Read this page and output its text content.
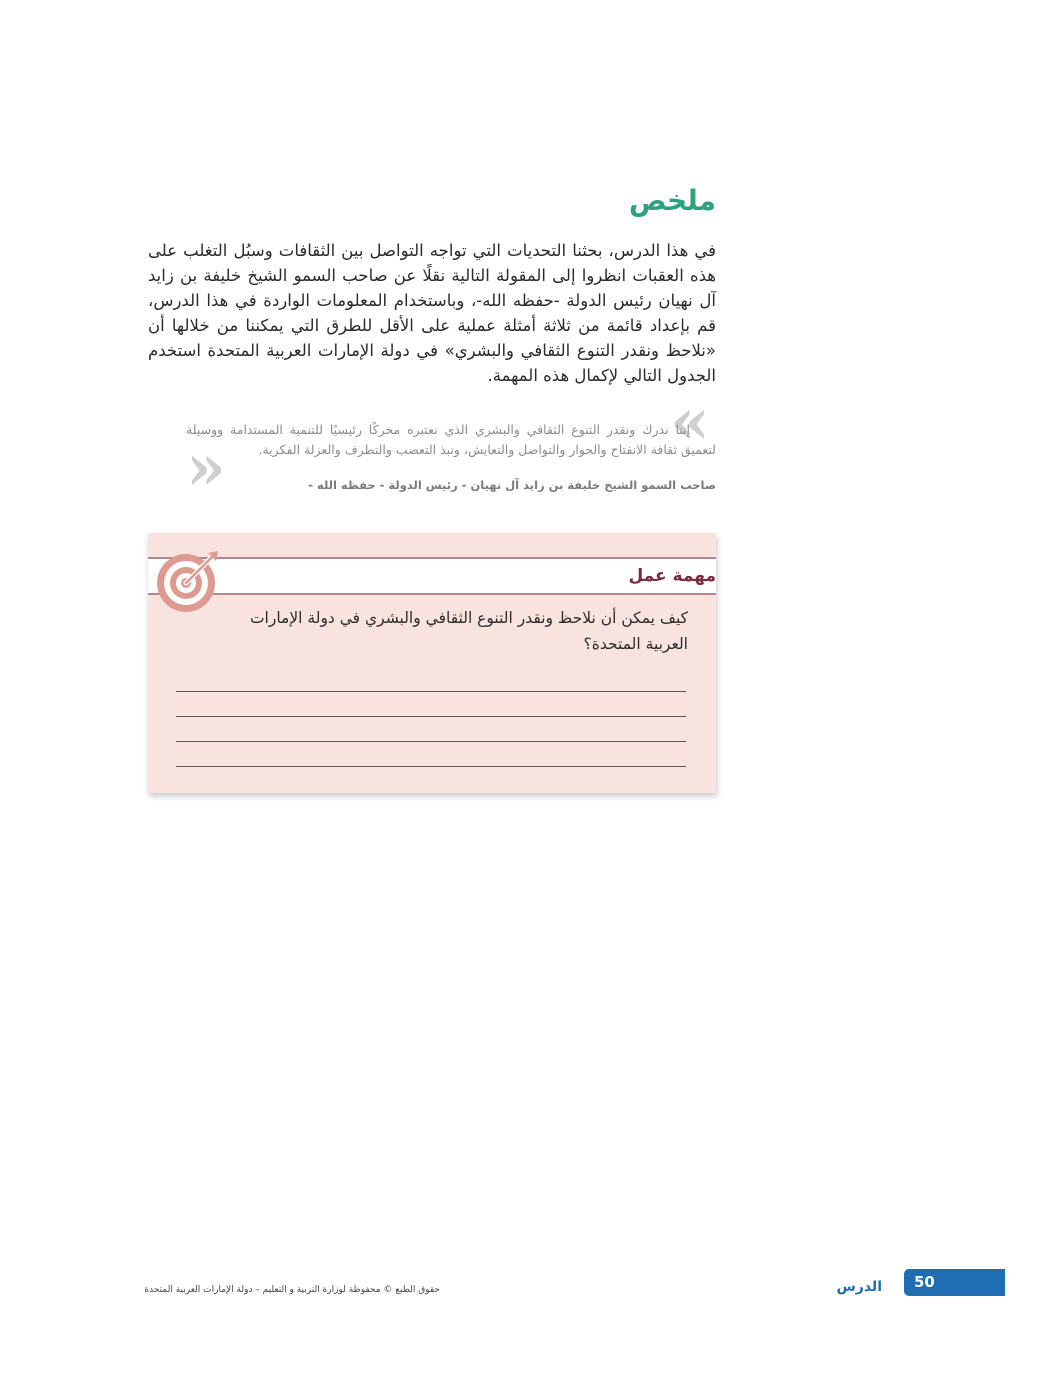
ملخص

في هذا الدرس، بحثنا التحديات التي تواجه التواصل بين الثقافات وسبُل التغلب على هذه العقبات انظروا إلى المقولة التالية نقلًا عن صاحب السمو الشيخ خليفة بن زايد آل نهيان رئيس الدولة -حفظه الله-، وباستخدام المعلومات الواردة في هذا الدرس، قم بإعداد قائمة من ثلاثة أمثلة عملية على الأقل للطرق التي يمكننا من خلالها أن «نلاحظ ونقدر التنوع الثقافي والبشري» في دولة الإمارات العربية المتحدة استخدم الجدول التالي لإكمال هذه المهمة.

»

إننا ندرك ونقدر التنوع الثقافي والبشري الذي نعتبره محركًا رئيسيًا للتنمية المستدامة ووسيلة لتعميق ثقافة الانفتاح والحوار والتواصل والتعايش، ونبذ التعصب والتطرف والعزلة الفكرية.

«	صاحب السمو الشيخ خليفة بن زايد آل نهيان - رئيس الدولة - حفظه الله -

مهمة عمل

كيف يمكن أن نلاحظ ونقدر التنوع الثقافي والبشري في دولة الإمارات العربية المتحدة؟

حقوق الطبع © محفوظة لوزارة التربية و التعليم – دولة الإمارات العربية المتحدة	الدرس 50
